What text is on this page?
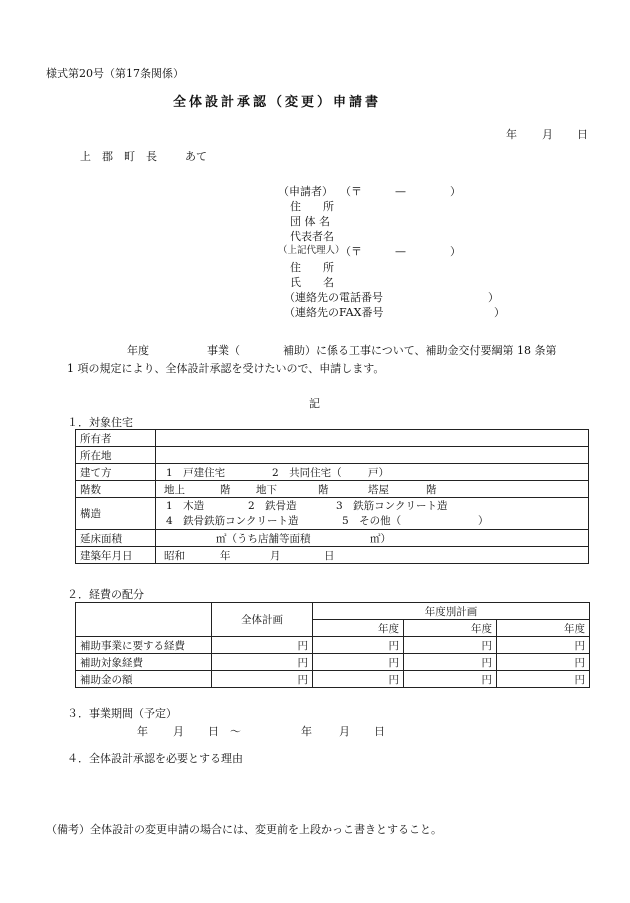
様式第20号（第17条関係）
全体設計承認（変更）申請書
年 月 日
上　郡　町　長	あて
（申請者） （〒　　　—　　　　）
住　　所
団 体 名
代表者名
（上記代理人）
（〒　　　—　　　　）
住　　所
氏　　名
（連絡先の電話番号	）
（連絡先のFAX番号	）
年度	事業（	補助）に係る工事について、補助金交付要綱第 18 条第
1 項の規定により、全体設計承認を受けたいので、申請します。
記
１．対象住宅
所有者	
所在地	
建て方	1　戸建住宅 2　共同住宅（ 戸）
階数	地上 階 地下 階 塔屋 階
構造	1　木造 2　鉄骨造 3　鉄筋コンクリート造
4　鉄骨鉄筋コンクリート造 5　その他（ ）

延床面積	㎡（うち店舗等面積 ㎡）
建築年月日	昭和 年 月 日
２．経費の配分
	全体計画	年度別計画		
		年度	年度	年度
補助事業に要する経費	円	円	円	円
補助対象経費	円	円	円	円
補助金の額	円	円	円	円
３．事業期間（予定）
年 月 日　～	年 月 日
４．全体設計承認を必要とする理由
（備考）全体設計の変更申請の場合には、変更前を上段かっこ書きとすること。
